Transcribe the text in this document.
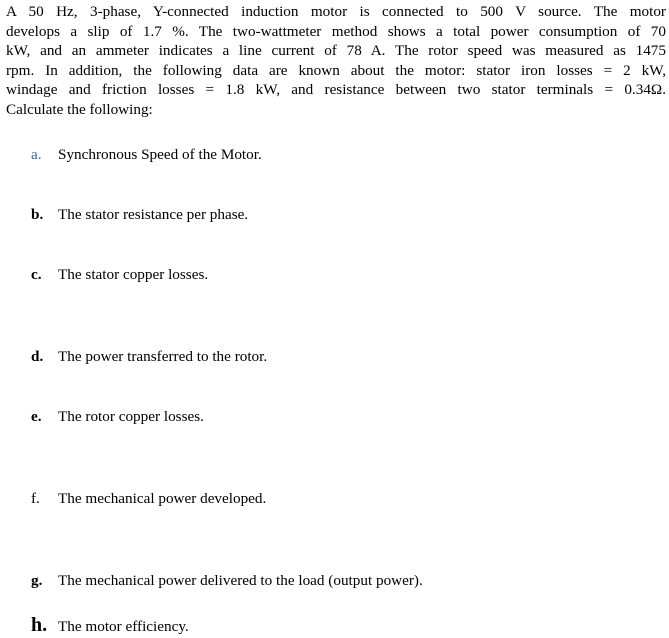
A 50 Hz, 3-phase, Y-connected induction motor is connected to 500 V source. The motor
develops a slip of 1.7 %. The two-wattmeter method shows a total power consumption of 70
kW, and an ammeter indicates a line current of 78 A. The rotor speed was measured as 1475
rpm. In addition, the following data are known about the motor: stator iron losses = 2 kW,
windage and friction losses = 1.8 kW, and resistance between two stator terminals = 0.34Ω.
Calculate the following:
a. Synchronous Speed of the Motor.
b. The stator resistance per phase.
c. The stator copper losses.
d. The power transferred to the rotor.
e. The rotor copper losses.
f. The mechanical power developed.
g. The mechanical power delivered to the load (output power).
h. The motor efficiency.
